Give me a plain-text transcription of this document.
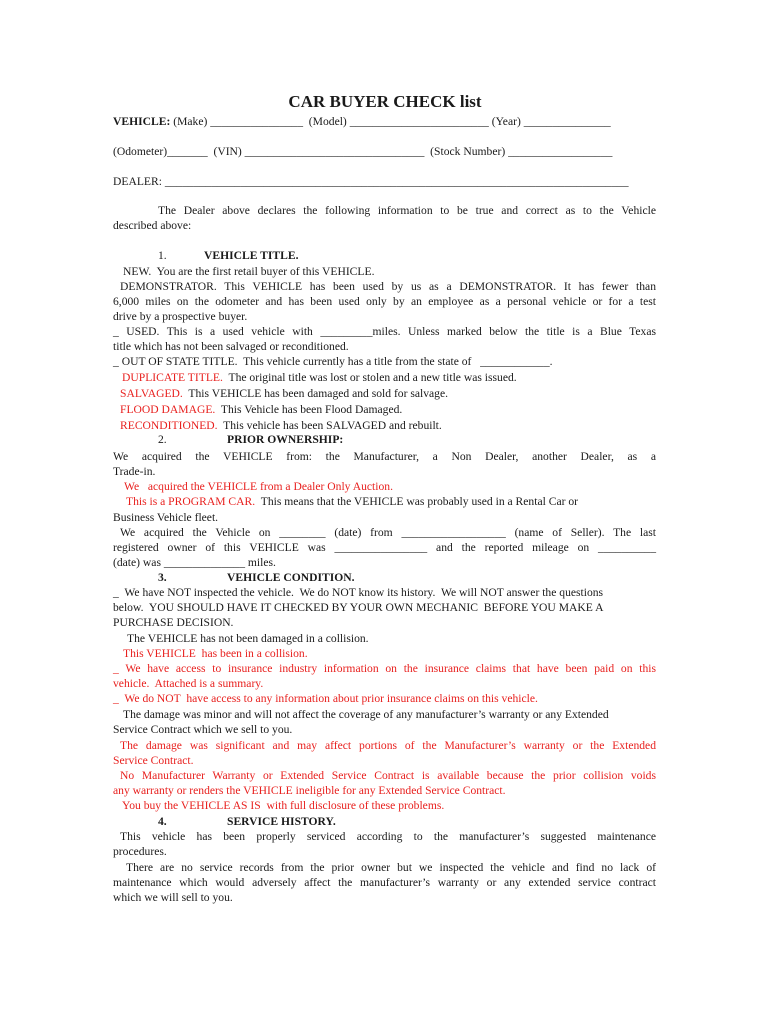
CAR BUYER CHECK list
VEHICLE: (Make) ________________  (Model) ________________________ (Year) _______________
(Odometer)_______  (VIN) _______________________________  (Stock Number) __________________
DEALER: ________________________________________________________________________________
The Dealer above declares the following information to be true and correct as to the Vehicle
described above:
1.	VEHICLE TITLE.
NEW.  You are the first retail buyer of this VEHICLE.
DEMONSTRATOR. This VEHICLE has been used by us as a DEMONSTRATOR. It has fewer than
6,000 miles on the odometer and has been used only by an employee as a personal vehicle or for a test
drive by a prospective buyer.
_ USED. This is a used vehicle with _________miles. Unless marked below the title is a Blue Texas
title which has not been salvaged or reconditioned.
_ OUT OF STATE TITLE.  This vehicle currently has a title from the state of   ____________.
DUPLICATE TITLE.  The original title was lost or stolen and a new title was issued.
SALVAGED.  This VEHICLE has been damaged and sold for salvage.
FLOOD DAMAGE.  This Vehicle has been Flood Damaged.
RECONDITIONED.  This vehicle has been SALVAGED and rebuilt.
2.	PRIOR OWNERSHIP:
We acquired the VEHICLE from: the Manufacturer, a Non Dealer, another Dealer, as a
Trade-in.
We   acquired the VEHICLE from a Dealer Only Auction.
This is a PROGRAM CAR.  This means that the VEHICLE was probably used in a Rental Car or
Business Vehicle fleet.
We acquired the Vehicle on ________ (date) from __________________ (name of Seller). The last
registered owner of this VEHICLE was ________________ and the reported mileage on __________
(date) was ______________ miles.
3.	VEHICLE CONDITION.
_  We have NOT inspected the vehicle.  We do NOT know its history.  We will NOT answer the questions
below.  YOU SHOULD HAVE IT CHECKED BY YOUR OWN MECHANIC  BEFORE YOU MAKE A
PURCHASE DECISION.
The VEHICLE has not been damaged in a collision.
This VEHICLE  has been in a collision.
_ We have access to insurance industry information on the insurance claims that have been paid on this
vehicle.  Attached is a summary.
_  We do NOT  have access to any information about prior insurance claims on this vehicle.
The damage was minor and will not affect the coverage of any manufacturer’s warranty or any Extended
Service Contract which we sell to you.
The damage was significant and may affect portions of the Manufacturer’s warranty or the Extended
Service Contract.
No Manufacturer Warranty or Extended Service Contract is available because the prior collision voids
any warranty or renders the VEHICLE ineligible for any Extended Service Contract.
You buy the VEHICLE AS IS  with full disclosure of these problems.
4.	SERVICE HISTORY.
This vehicle has been properly serviced according to the manufacturer’s suggested maintenance
procedures.
There are no service records from the prior owner but we inspected the vehicle and find no lack of
maintenance which would adversely affect the manufacturer’s warranty or any extended service contract
which we will sell to you.
